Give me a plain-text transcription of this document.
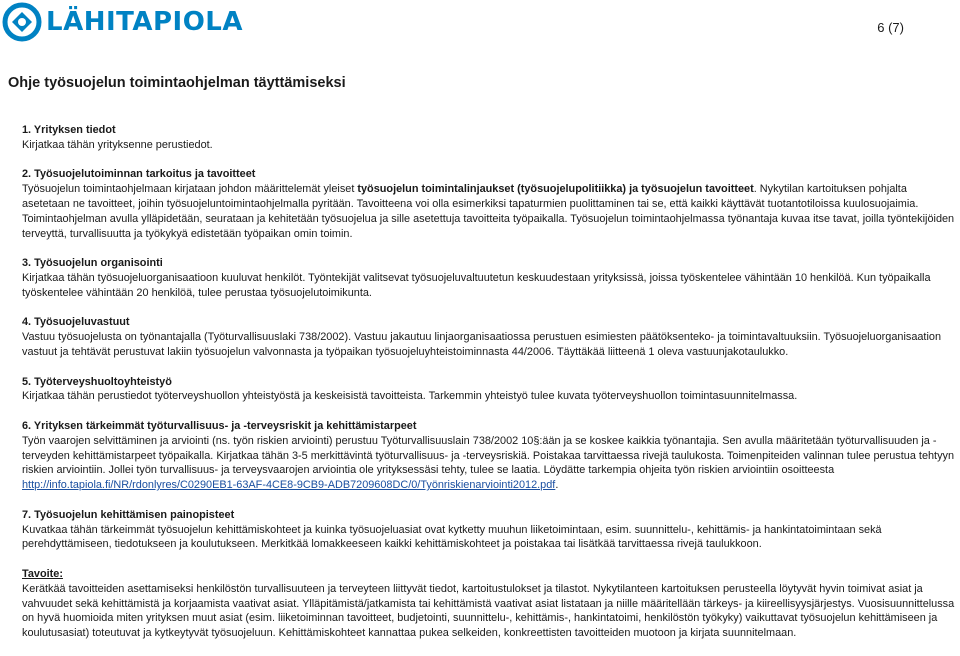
LÄHITAPIOLA	6 (7)
Ohje työsuojelun toimintaohjelman täyttämiseksi
1. Yrityksen tiedot

Kirjatkaa tähän yrityksenne perustiedot.

2. Työsuojelutoiminnan tarkoitus ja tavoitteet

Työsuojelun toimintaohjelmaan kirjataan johdon määrittelemät yleiset työsuojelun toimintalinjaukset (työsuojelupolitiikka) ja työsuojelun tavoitteet. Nykytilan kartoituksen pohjalta asetetaan ne tavoitteet, joihin työsuojeluntoimintaohjelmalla pyritään. Tavoitteena voi olla esimerkiksi tapaturmien puolittaminen tai se, että kaikki käyttävät tuotantotiloissa kuulosuojaimia. Toimintaohjelman avulla ylläpidetään, seurataan ja kehitetään työsuojelua ja sille asetettuja tavoitteita työpaikalla. Työsuojelun toimintaohjelmassa työnantaja kuvaa itse tavat, joilla työntekijöiden terveyttä, turvallisuutta ja työkykyä edistetään työpaikan omin toimin.

3. Työsuojelun organisointi

Kirjatkaa tähän työsuojeluorganisaatioon kuuluvat henkilöt. Työntekijät valitsevat työsuojeluvaltuutetun keskuudestaan yrityksissä, joissa työskentelee vähintään 10 henkilöä. Kun työpaikalla työskentelee vähintään 20 henkilöä, tulee perustaa työsuojelutoimikunta.

4. Työsuojeluvastuut

Vastuu työsuojelusta on työnantajalla (Työturvallisuuslaki 738/2002). Vastuu jakautuu linjaorganisaatiossa perustuen esimiesten päätöksenteko- ja toimintavaltuuksiin. Työsuojeluorganisaation vastuut ja tehtävät perustuvat lakiin työsuojelun valvonnasta ja työpaikan työsuojeluyhteistoiminnasta 44/2006. Täyttäkää liitteenä 1 oleva vastuunjakotaulukko.

5. Työterveyshuoltoyhteistyö

Kirjatkaa tähän perustiedot työterveyshuollon yhteistyöstä ja keskeisistä tavoitteista. Tarkemmin yhteistyö tulee kuvata työterveyshuollon toimintasuunnitelmassa.

6. Yrityksen tärkeimmät työturvallisuus- ja -terveysriskit ja kehittämistarpeet

Työn vaarojen selvittäminen ja arviointi (ns. työn riskien arviointi) perustuu Työturvallisuuslain 738/2002 10§:ään ja se koskee kaikkia työnantajia. Sen avulla määritetään työturvallisuuden ja -terveyden kehittämistarpeet työpaikalla. Kirjatkaa tähän 3-5 merkittävintä työturvallisuus- ja -terveysriskiä. Poistakaa tarvittaessa rivejä taulukosta. Toimenpiteiden valinnan tulee perustua tehtyyn riskien arviointiin. Jollei työn turvallisuus- ja terveysvaarojen arviointia ole yrityksessäsi tehty, tulee se laatia. Löydätte tarkempia ohjeita työn riskien arviointiin osoitteesta http://info.tapiola.fi/NR/rdonlyres/C0290EB1-63AF-4CE8-9CB9-ADB7209608DC/0/Työnriskienarviointi2012.pdf.

7. Työsuojelun kehittämisen painopisteet

Kuvatkaa tähän tärkeimmät työsuojelun kehittämiskohteet ja kuinka työsuojeluasiat ovat kytketty muuhun liiketoimintaan, esim. suunnittelu-, kehittämis- ja hankintatoimintaan sekä perehdyttämiseen, tiedotukseen ja koulutukseen. Merkitkää lomakkeeseen kaikki kehittämiskohteet ja poistakaa tai lisätkää tarvittaessa rivejä taulukkoon.

Tavoite:

Kerätkää tavoitteiden asettamiseksi henkilöstön turvallisuuteen ja terveyteen liittyvät tiedot, kartoitustulokset ja tilastot. Nykytilanteen kartoituksen perusteella löytyvät hyvin toimivat asiat ja vahvuudet sekä kehittämistä ja korjaamista vaativat asiat. Ylläpitämistä/jatkamista tai kehittämistä vaativat asiat listataan ja niille määritellään tärkeys- ja kiireellisyysjärjestys. Vuosisuunnittelussa on hyvä huomioida miten yrityksen muut asiat (esim. liiketoiminnan tavoitteet, budjetointi, suunnittelu-, kehittämis-, hankintatoimi, henkilöstön työkyky) vaikuttavat työsuojelun kehittämiseen ja koulutusasiat) toteutuvat ja kytkeytyvät työsuojeluun. Kehittämiskohteet kannattaa pukea selkeiden, konkreettisten tavoitteiden muotoon ja kirjata suunnitelmaan.
